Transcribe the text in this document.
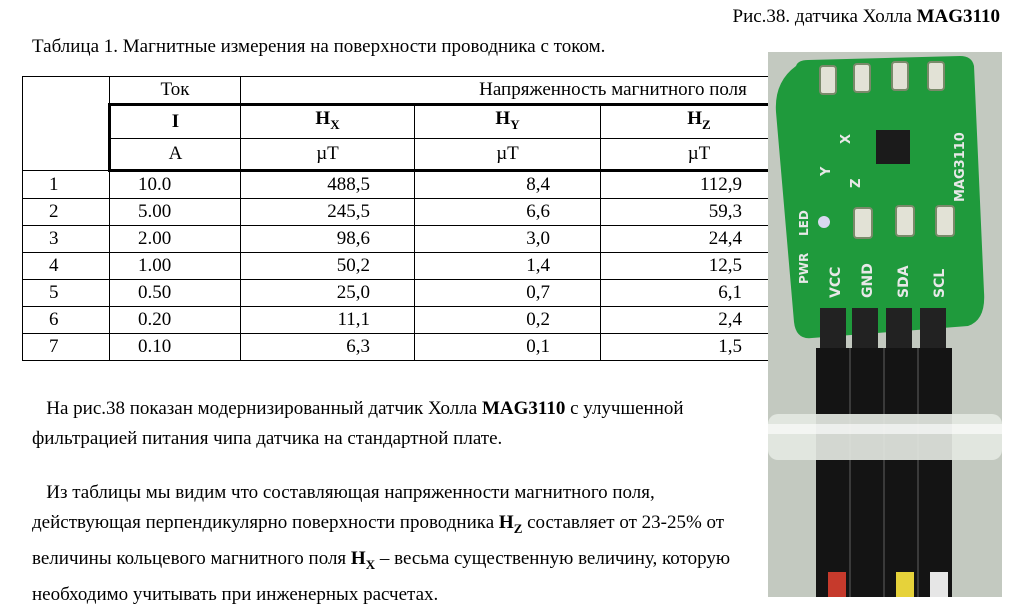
Рис.38. датчика Холла MAG3110
Таблица 1. Магнитные измерения на поверхности проводника с током.
	Ток	Напряженность магнитного поля			
	I	$H_X$	$H_Y$	$H_Z$	
	A	µT	µT	µT	
1	10.0	488,5	8,4	112,9	
2	5.00	245,5	6,6	59,3	
3	2.00	98,6	3,0	24,4	
4	1.00	50,2	1,4	12,5	
5	0.50	25,0	0,7	6,1	
6	0.20	11,1	0,2	2,4	
7	0.10	6,3	0,1	1,5	
На рис.38 показан модернизированный датчик Холла MAG3110 с улучшенной фильтрацией питания чипа датчика на стандартной плате.
Из таблицы мы видим что составляющая напряженности магнитного поля, действующая перпендикулярно поверхности проводника $H_Z$ составляет от 23-25% от величины кольцевого магнитного поля $H_X$ – весьма существенную величину, которую необходимо учитывать при инженерных расчетах.
MAG3110
X
Y
Z
LED
PWR VCC GND SDA SCL
